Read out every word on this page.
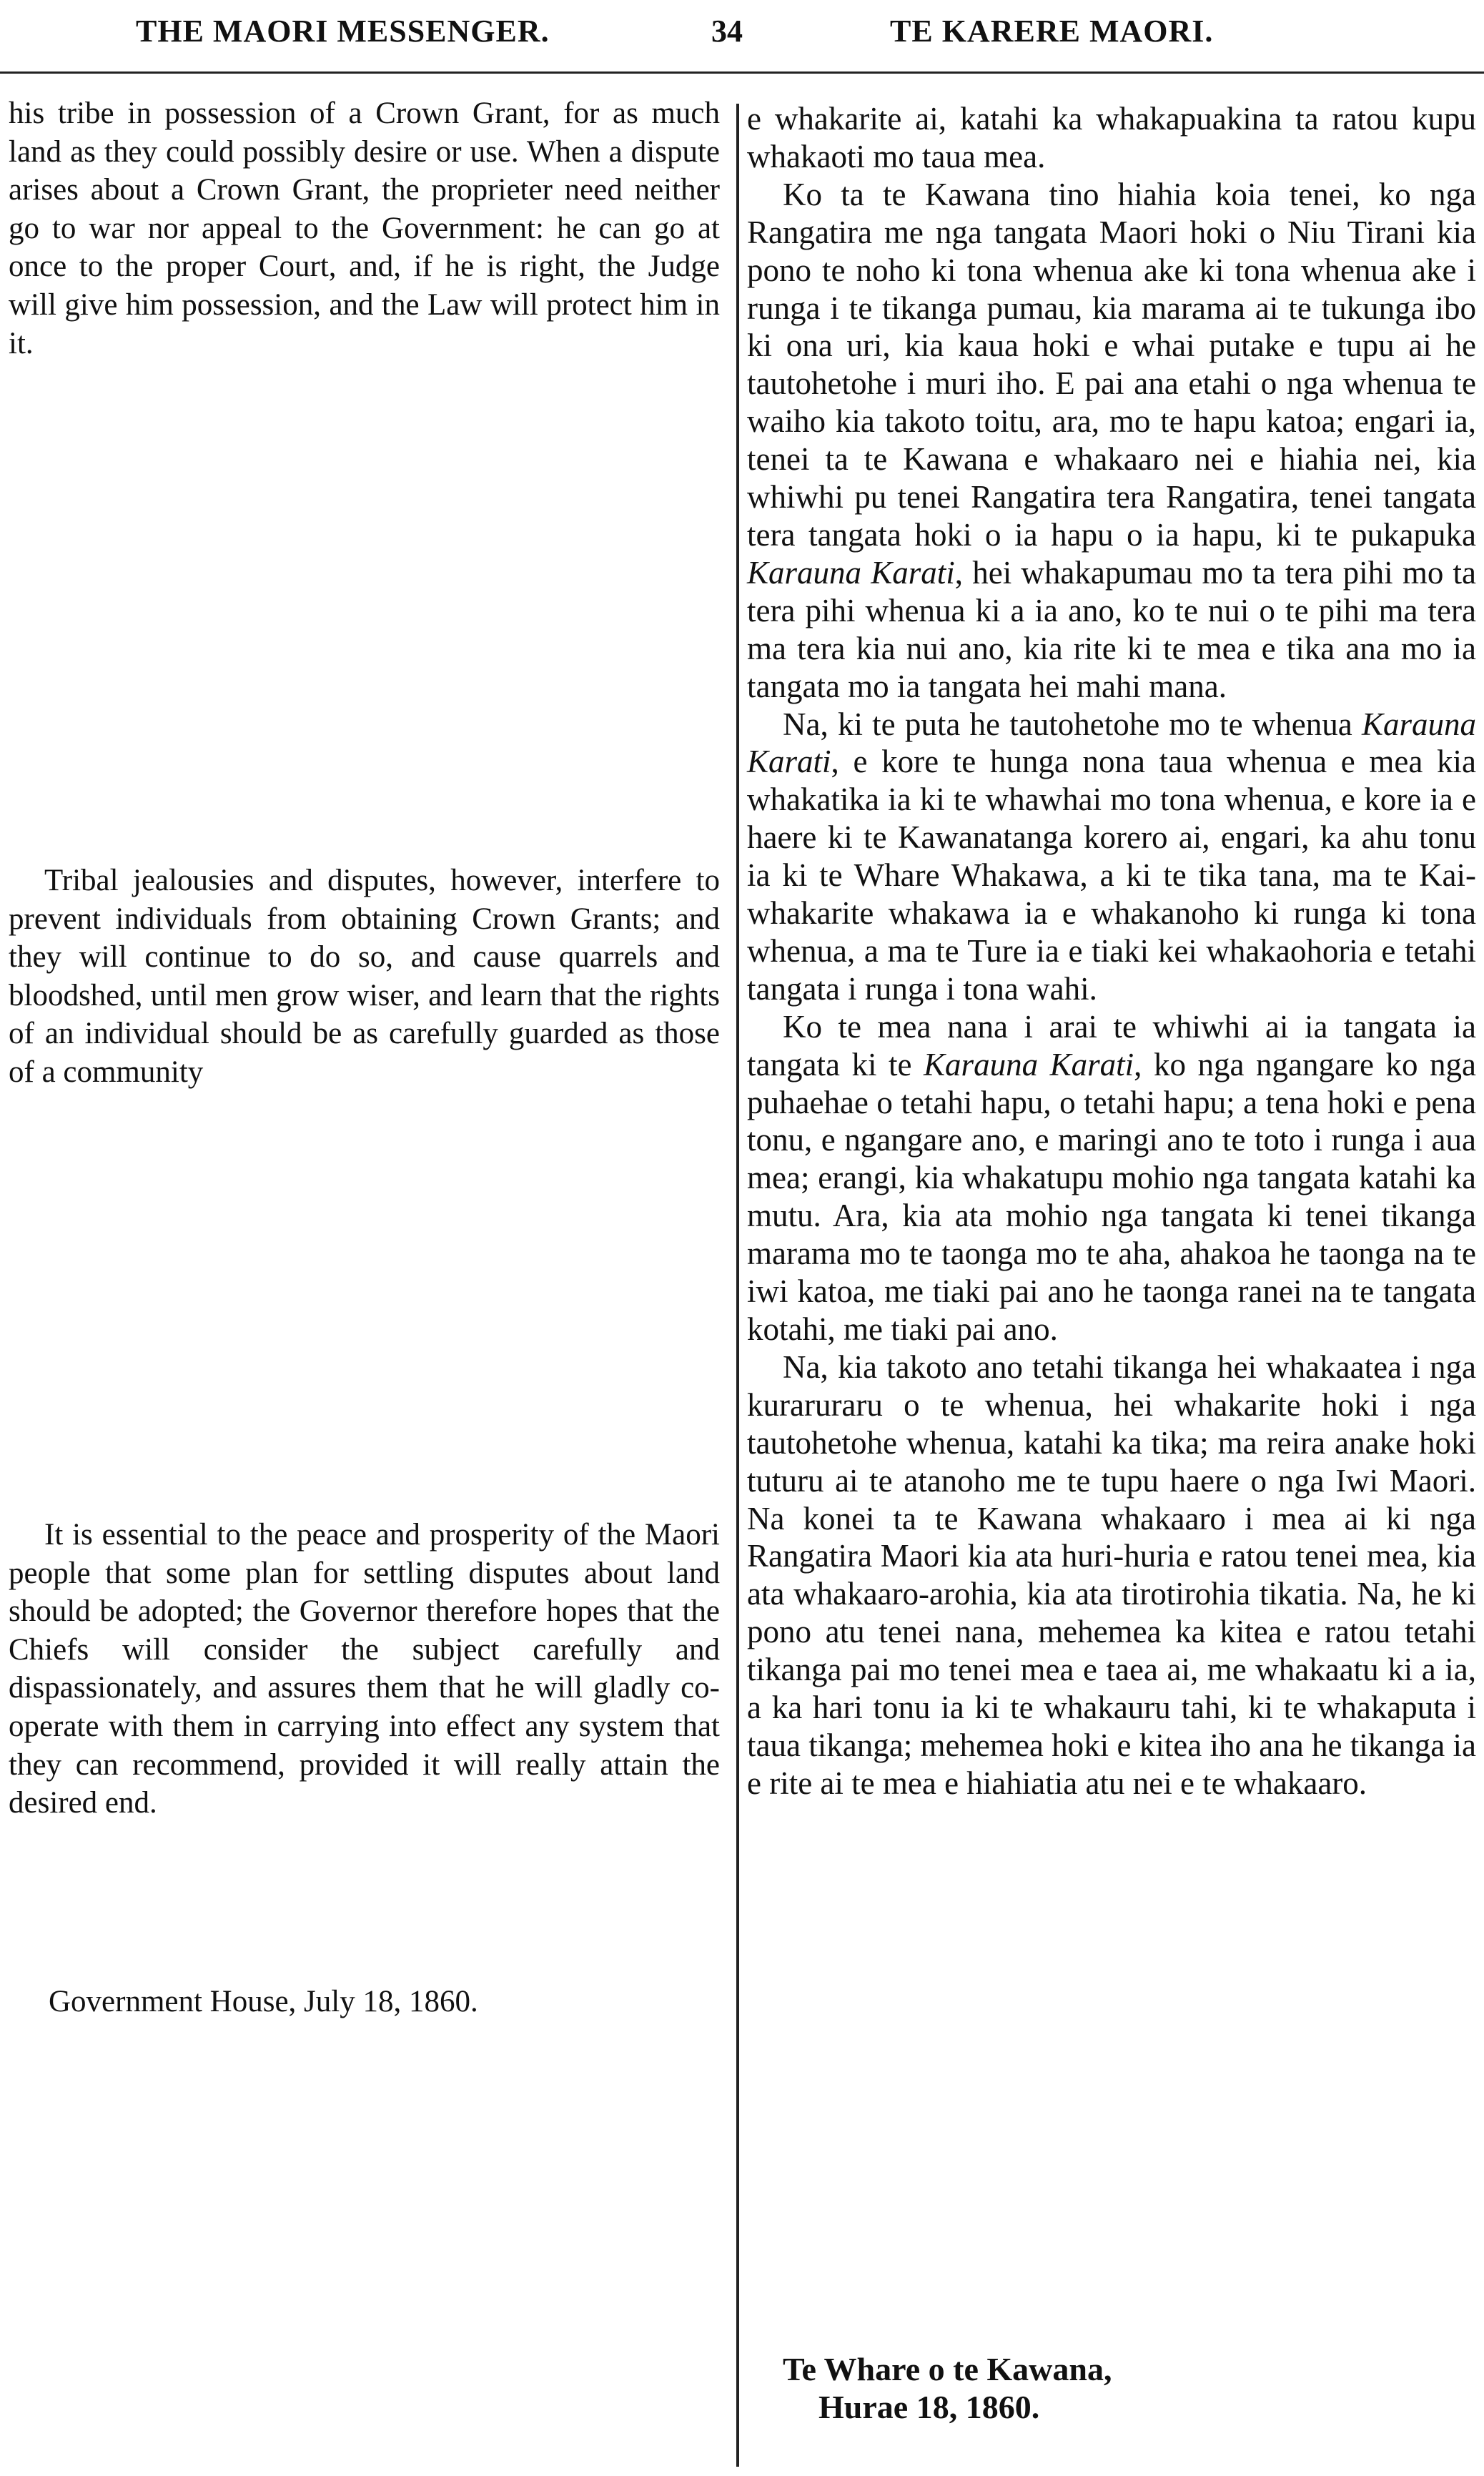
THE MAORI MESSENGER.	34	TE KARERE MAORI.

his tribe in possession of a Crown Grant, for as much land as they could possibly desire or use. When a dispute arises about a Crown Grant, the proprieter need neither go to war nor appeal to the Government: he can go at once to the proper Court, and, if he is right, the Judge will give him possession, and the Law will protect him in it.

Tribal jealousies and disputes, however, interfere to prevent individuals from obtaining Crown Grants; and they will continue to do so, and cause quarrels and bloodshed, until men grow wiser, and learn that the rights of an individual should be as carefully guarded as those of a community

It is essential to the peace and prosperity of the Maori people that some plan for settling disputes about land should be adopted; the Governor therefore hopes that the Chiefs will consider the subject carefully and dispassionately, and assures them that he will gladly co-operate with them in carrying into effect any system that they can recommend, provided it will really attain the desired end.

Government House, July 18, 1860.

e whakarite ai, katahi ka whakapuakina ta ratou kupu whakaoti mo taua mea.

Ko ta te Kawana tino hiahia koia tenei, ko nga Rangatira me nga tangata Maori hoki o Niu Tirani kia pono te noho ki tona whenua ake ki tona whenua ake i runga i te tikanga pumau, kia marama ai te tukunga ibo ki ona uri, kia kaua hoki e whai putake e tupu ai he tautohetohe i muri iho. E pai ana etahi o nga whenua te waiho kia takoto toitu, ara, mo te hapu katoa; engari ia, tenei ta te Kawana e whakaaro nei e hiahia nei, kia whiwhi pu tenei Rangatira tera Rangatira, tenei tangata tera tangata hoki o ia hapu o ia hapu, ki te pukapuka Karauna Karati, hei whakapumau mo ta tera pihi mo ta tera pihi whenua ki a ia ano, ko te nui o te pihi ma tera ma tera kia nui ano, kia rite ki te mea e tika ana mo ia tangata mo ia tangata hei mahi mana.

Na, ki te puta he tautohetohe mo te whenua Karauna Karati, e kore te hunga nona taua whenua e mea kia whakatika ia ki te whawhai mo tona whenua, e kore ia e haere ki te Kawanatanga korero ai, engari, ka ahu tonu ia ki te Whare Whakawa, a ki te tika tana, ma te Kai-whakarite whakawa ia e whakanoho ki runga ki tona whenua, a ma te Ture ia e tiaki kei whakaohoria e tetahi tangata i runga i tona wahi.

Ko te mea nana i arai te whiwhi ai ia tangata ia tangata ki te Karauna Karati, ko nga ngangare ko nga puhaehae o tetahi hapu, o tetahi hapu; a tena hoki e pena tonu, e ngangare ano, e maringi ano te toto i runga i aua mea; erangi, kia whakatupu mohio nga tangata katahi ka mutu. Ara, kia ata mohio nga tangata ki tenei tikanga marama mo te taonga mo te aha, ahakoa he taonga na te iwi katoa, me tiaki pai ano he taonga ranei na te tangata kotahi, me tiaki pai ano.

Na, kia takoto ano tetahi tikanga hei whakaatea i nga kuraruraru o te whenua, hei whakarite hoki i nga tautohetohe whenua, katahi ka tika; ma reira anake hoki tuturu ai te atanoho me te tupu haere o nga Iwi Maori. Na konei ta te Kawana whakaaro i mea ai ki nga Rangatira Maori kia ata huri-huria e ratou tenei mea, kia ata whakaaro-arohia, kia ata tirotirohia tikatia. Na, he ki pono atu tenei nana, mehemea ka kitea e ratou tetahi tikanga pai mo tenei mea e taea ai, me whakaatu ki a ia, a ka hari tonu ia ki te whakauru tahi, ki te whakaputa i taua tikanga; mehemea hoki e kitea iho ana he tikanga ia e rite ai te mea e hiahiatia atu nei e te whakaaro.

Te Whare o te Kawana,
Hurae 18, 1860.
